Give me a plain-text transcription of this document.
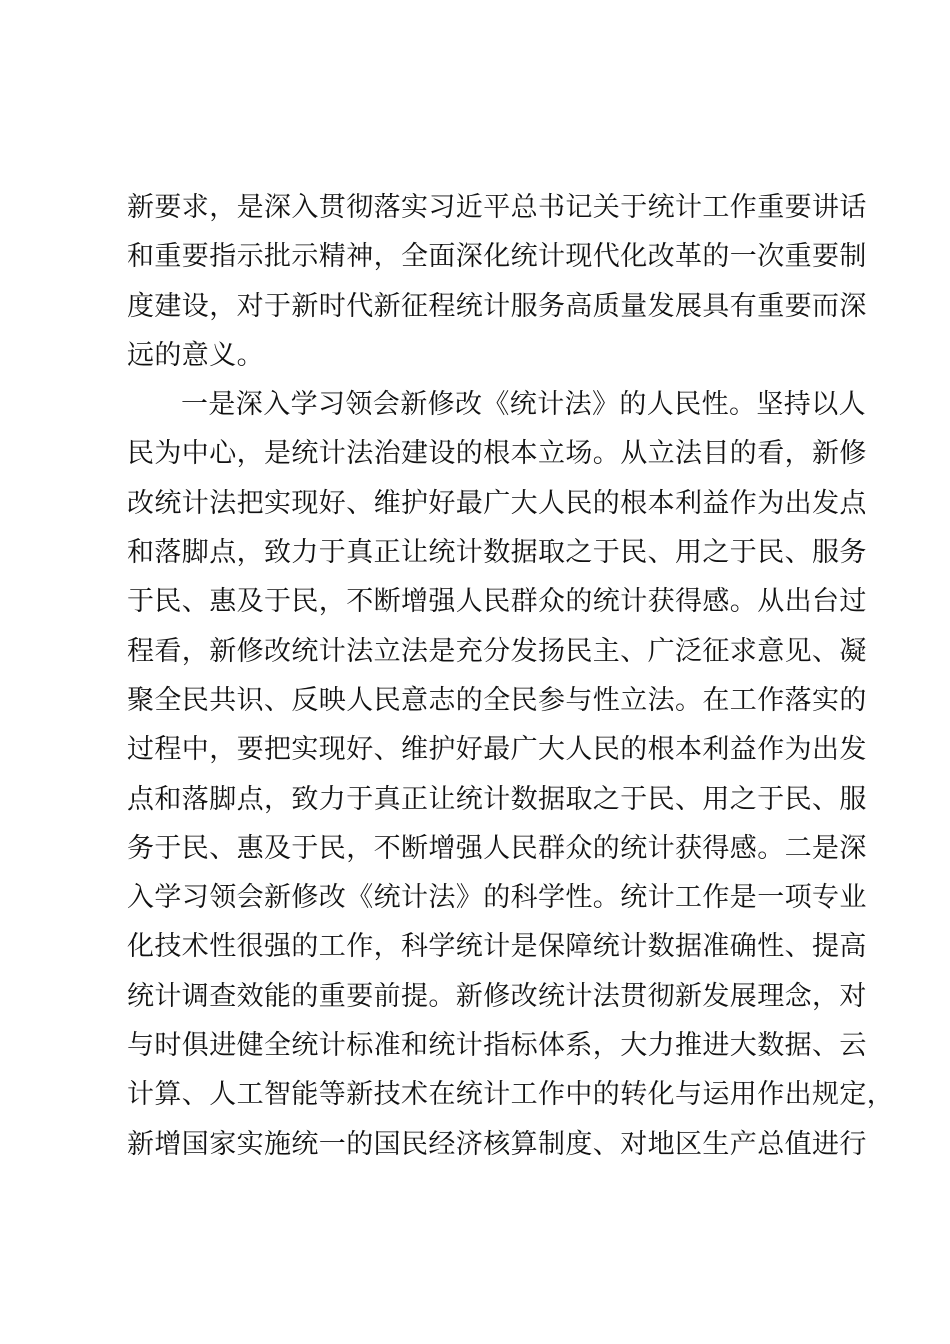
新要求，是深入贯彻落实习近平总书记关于统计工作重要讲话
和重要指示批示精神，全面深化统计现代化改革的一次重要制
度建设，对于新时代新征程统计服务高质量发展具有重要而深
远的意义。
一是深入学习领会新修改《统计法》的人民性。坚持以人
民为中心，是统计法治建设的根本立场。从立法目的看，新修
改统计法把实现好、维护好最广大人民的根本利益作为出发点
和落脚点，致力于真正让统计数据取之于民、用之于民、服务
于民、惠及于民，不断增强人民群众的统计获得感。从出台过
程看，新修改统计法立法是充分发扬民主、广泛征求意见、凝
聚全民共识、反映人民意志的全民参与性立法。在工作落实的
过程中，要把实现好、维护好最广大人民的根本利益作为出发
点和落脚点，致力于真正让统计数据取之于民、用之于民、服
务于民、惠及于民，不断增强人民群众的统计获得感。二是深
入学习领会新修改《统计法》的科学性。统计工作是一项专业
化技术性很强的工作，科学统计是保障统计数据准确性、提高
统计调查效能的重要前提。新修改统计法贯彻新发展理念，对
与时俱进健全统计标准和统计指标体系，大力推进大数据、云
计算、人工智能等新技术在统计工作中的转化与运用作出规定，
新增国家实施统一的国民经济核算制度、对地区生产总值进行
